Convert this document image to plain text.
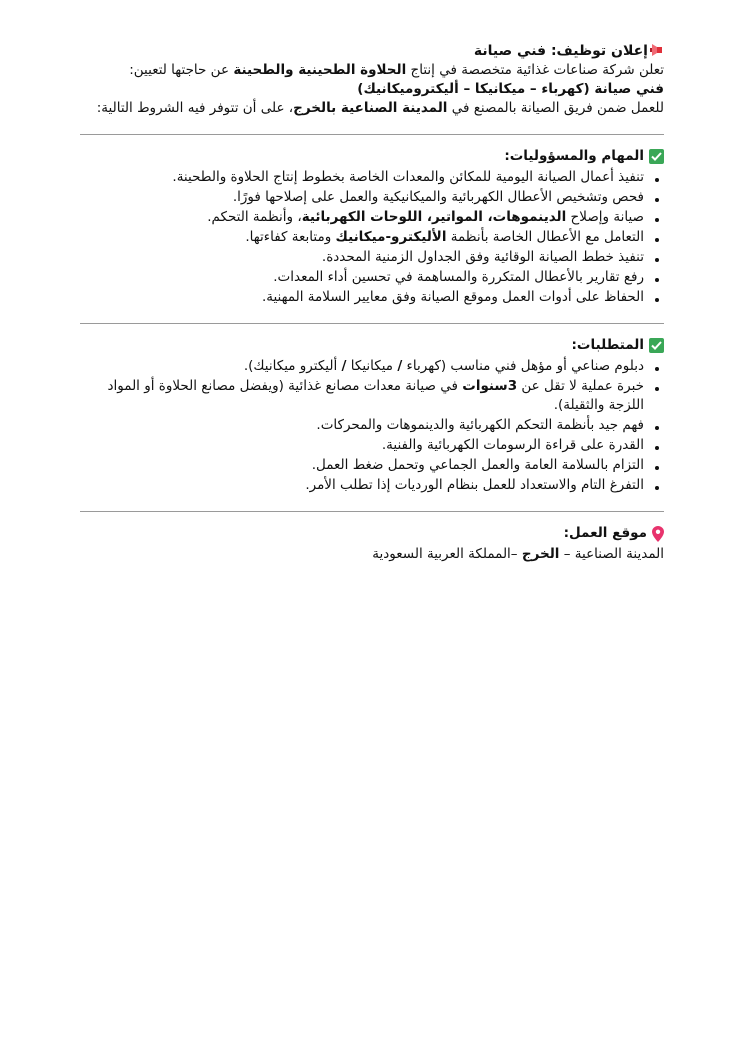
إعلان توظيف: فني صيانة

تعلن شركة صناعات غذائية متخصصة في إنتاج الحلاوة الطحينية والطحينة عن حاجتها لتعيين:

فني صيانة (كهرباء – ميكانيكا – أليكتروميكانيك)

للعمل ضمن فريق الصيانة بالمصنع في المدينة الصناعية بالخرج، على أن تتوفر فيه الشروط التالية:

المهام والمسؤوليات:
تنفيذ أعمال الصيانة اليومية للمكائن والمعدات الخاصة بخطوط إنتاج الحلاوة والطحينة.
فحص وتشخيص الأعطال الكهربائية والميكانيكية والعمل على إصلاحها فورًا.
صيانة وإصلاح الدينموهات، المواتير، اللوحات الكهربائية، وأنظمة التحكم.
التعامل مع الأعطال الخاصة بأنظمة الأليكترو-ميكانيك ومتابعة كفاءتها.
تنفيذ خطط الصيانة الوقائية وفق الجداول الزمنية المحددة.
رفع تقارير بالأعطال المتكررة والمساهمة في تحسين أداء المعدات.
الحفاظ على أدوات العمل وموقع الصيانة وفق معايير السلامة المهنية.
المتطلبات:
دبلوم صناعي أو مؤهل فني مناسب (كهرباء / ميكانيكا / أليكترو ميكانيك).
خبرة عملية لا تقل عن 3سنوات في صيانة معدات مصانع غذائية (ويفضل مصانع الحلاوة أو المواد اللزجة والثقيلة).
فهم جيد بأنظمة التحكم الكهربائية والدينموهات والمحركات.
القدرة على قراءة الرسومات الكهربائية والفنية.
التزام بالسلامة العامة والعمل الجماعي وتحمل ضغط العمل.
التفرغ التام والاستعداد للعمل بنظام الورديات إذا تطلب الأمر.
موقع العمل:

المدينة الصناعية – الخرج –المملكة العربية السعودية
